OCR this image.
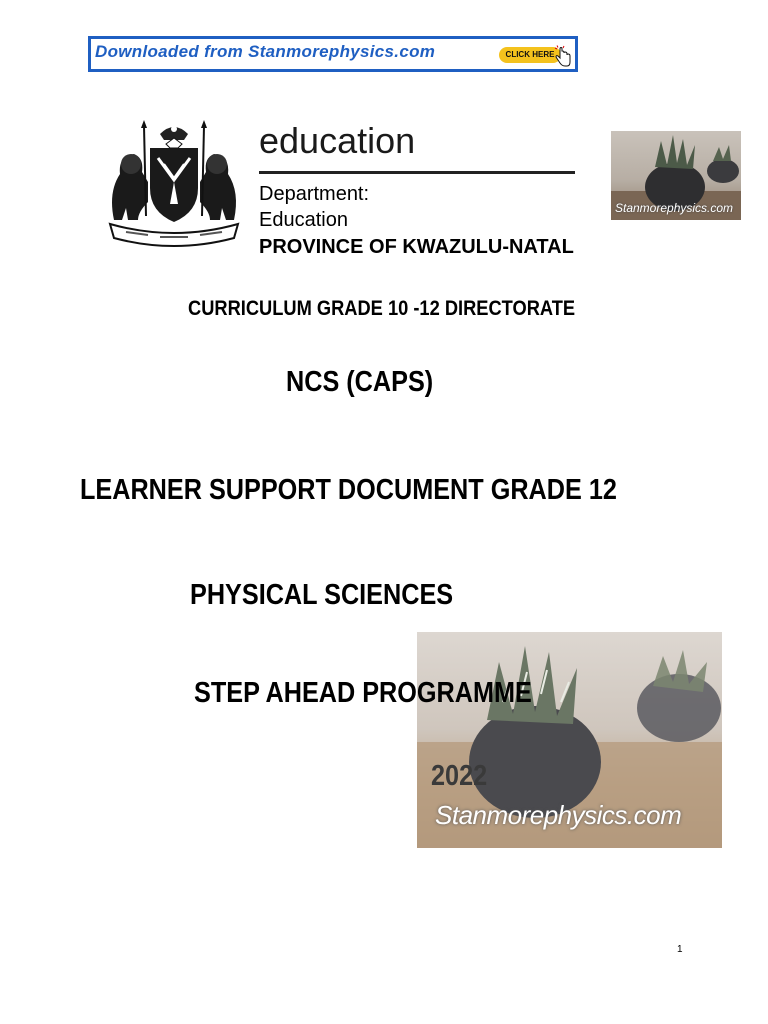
Downloaded from Stanmorephysics.com	CLICK HERE
education
Department:
Education
PROVINCE OF KWAZULU-NATAL
Stanmorephysics.com
CURRICULUM GRADE 10 -12 DIRECTORATE
NCS (CAPS)
LEARNER SUPPORT DOCUMENT GRADE 12
PHYSICAL SCIENCES
Stanmorephysics.com
STEP AHEAD PROGRAMME
2022
1
